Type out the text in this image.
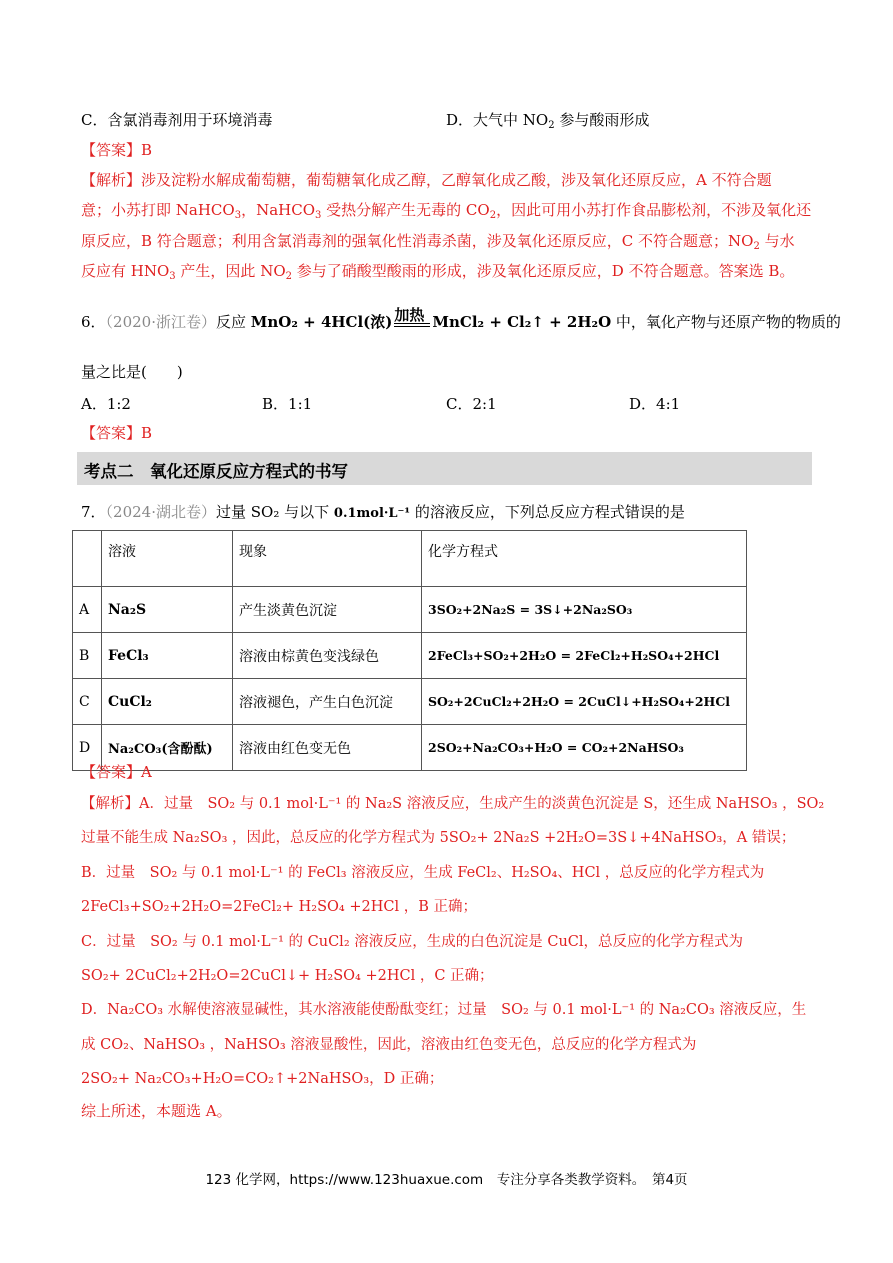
C．含氯消毒剂用于环境消毒	D．大气中 $NO_2$ 参与酸雨形成
【答案】B
【解析】涉及淀粉水解成葡萄糖，葡萄糖氧化成乙醇，乙醇氧化成乙酸，涉及氧化还原反应，A 不符合题
意；小苏打即 NaHCO$_3$，NaHCO$_3$ 受热分解产生无毒的 $CO_2$，因此可用小苏打作食品膨松剂，不涉及氧化还
原反应，B 符合题意；利用含氯消毒剂的强氧化性消毒杀菌，涉及氧化还原反应，C 不符合题意；$NO_2$ 与水
反应有 $HNO_3$ 产生，因此 $NO_2$ 参与了硝酸型酸雨的形成，涉及氧化还原反应，D 不符合题意。答案选 B。
6．（2020·浙江卷）反应 MnO₂ + 4HCl(浓) 加热 MnCl₂ + Cl₂↑ + 2H₂O 中，氧化产物与还原产物的物质的
量之比是(　　)
A．1:2	B．1:1	C．2:1	D．4:1
【答案】B
考点二　氧化还原反应方程式的书写
7．（2024·湖北卷）过量 SO₂ 与以下 0.1mol·L⁻¹ 的溶液反应，下列总反应方程式错误的是
	溶液	现象	化学方程式
A	Na₂S	产生淡黄色沉淀	3SO₂+2Na₂S = 3S↓+2Na₂SO₃
B	FeCl₃	溶液由棕黄色变浅绿色	2FeCl₃+SO₂+2H₂O = 2FeCl₂+H₂SO₄+2HCl
C	CuCl₂	溶液褪色，产生白色沉淀	SO₂+2CuCl₂+2H₂O = 2CuCl↓+H₂SO₄+2HCl
D	Na₂CO₃(含酚酞)	溶液由红色变无色	2SO₂+Na₂CO₃+H₂O = CO₂+2NaHSO₃
【答案】A
【解析】A．过量　SO₂ 与 0.1 mol·L⁻¹ 的 Na₂S 溶液反应，生成产生的淡黄色沉淀是 S，还生成 NaHSO₃ ，SO₂
过量不能生成 Na₂SO₃ ，因此，总反应的化学方程式为 5SO₂+ 2Na₂S +2H₂O=3S↓+4NaHSO₃，A 错误；
B．过量　SO₂ 与 0.1 mol·L⁻¹ 的 FeCl₃ 溶液反应，生成 FeCl₂、H₂SO₄、HCl ，总反应的化学方程式为
2FeCl₃+SO₂+2H₂O=2FeCl₂+ H₂SO₄ +2HCl ，B 正确；
C．过量　SO₂ 与 0.1 mol·L⁻¹ 的 CuCl₂ 溶液反应，生成的白色沉淀是 CuCl，总反应的化学方程式为
SO₂+ 2CuCl₂+2H₂O=2CuCl↓+ H₂SO₄ +2HCl ，C 正确；
D．Na₂CO₃ 水解使溶液显碱性，其水溶液能使酚酞变红；过量　SO₂ 与 0.1 mol·L⁻¹ 的 Na₂CO₃ 溶液反应，生
成 CO₂、NaHSO₃ ，NaHSO₃ 溶液显酸性，因此，溶液由红色变无色，总反应的化学方程式为
2SO₂+ Na₂CO₃+H₂O=CO₂↑+2NaHSO₃，D 正确；
综上所述，本题选 A。
123 化学网，https://www.123huaxue.com　专注分享各类教学资料。　第4页
